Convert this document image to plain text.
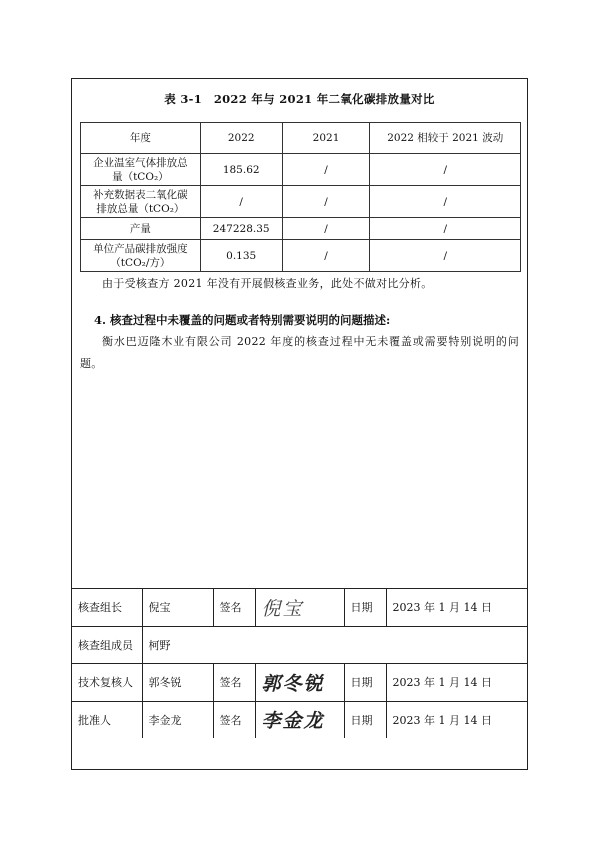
表 3-1　2022 年与 2021 年二氧化碳排放量对比
年度	2022	2021	2022 相较于 2021 波动

企业温室气体排放总
量（tCO₂）	185.62	/	/

补充数据表二氧化碳
排放总量（tCO₂）	/	/	/
产量	247228.35	/	/

单位产品碳排放强度
（tCO₂/方）	0.135	/	/
由于受核查方 2021 年没有开展假核查业务，此处不做对比分析。
4. 核查过程中未覆盖的问题或者特别需要说明的问题描述:
衡水巴迈隆木业有限公司 2022 年度的核查过程中无未覆盖或需要特别说明的问题。
核查组长	倪宝	签名	倪宝	日期	2023 年 1 月 14 日
核查组成员	柯野				
技术复核人	郭冬锐	签名	郭冬锐	日期	2023 年 1 月 14 日
批准人	李金龙	签名	李金龙	日期	2023 年 1 月 14 日
